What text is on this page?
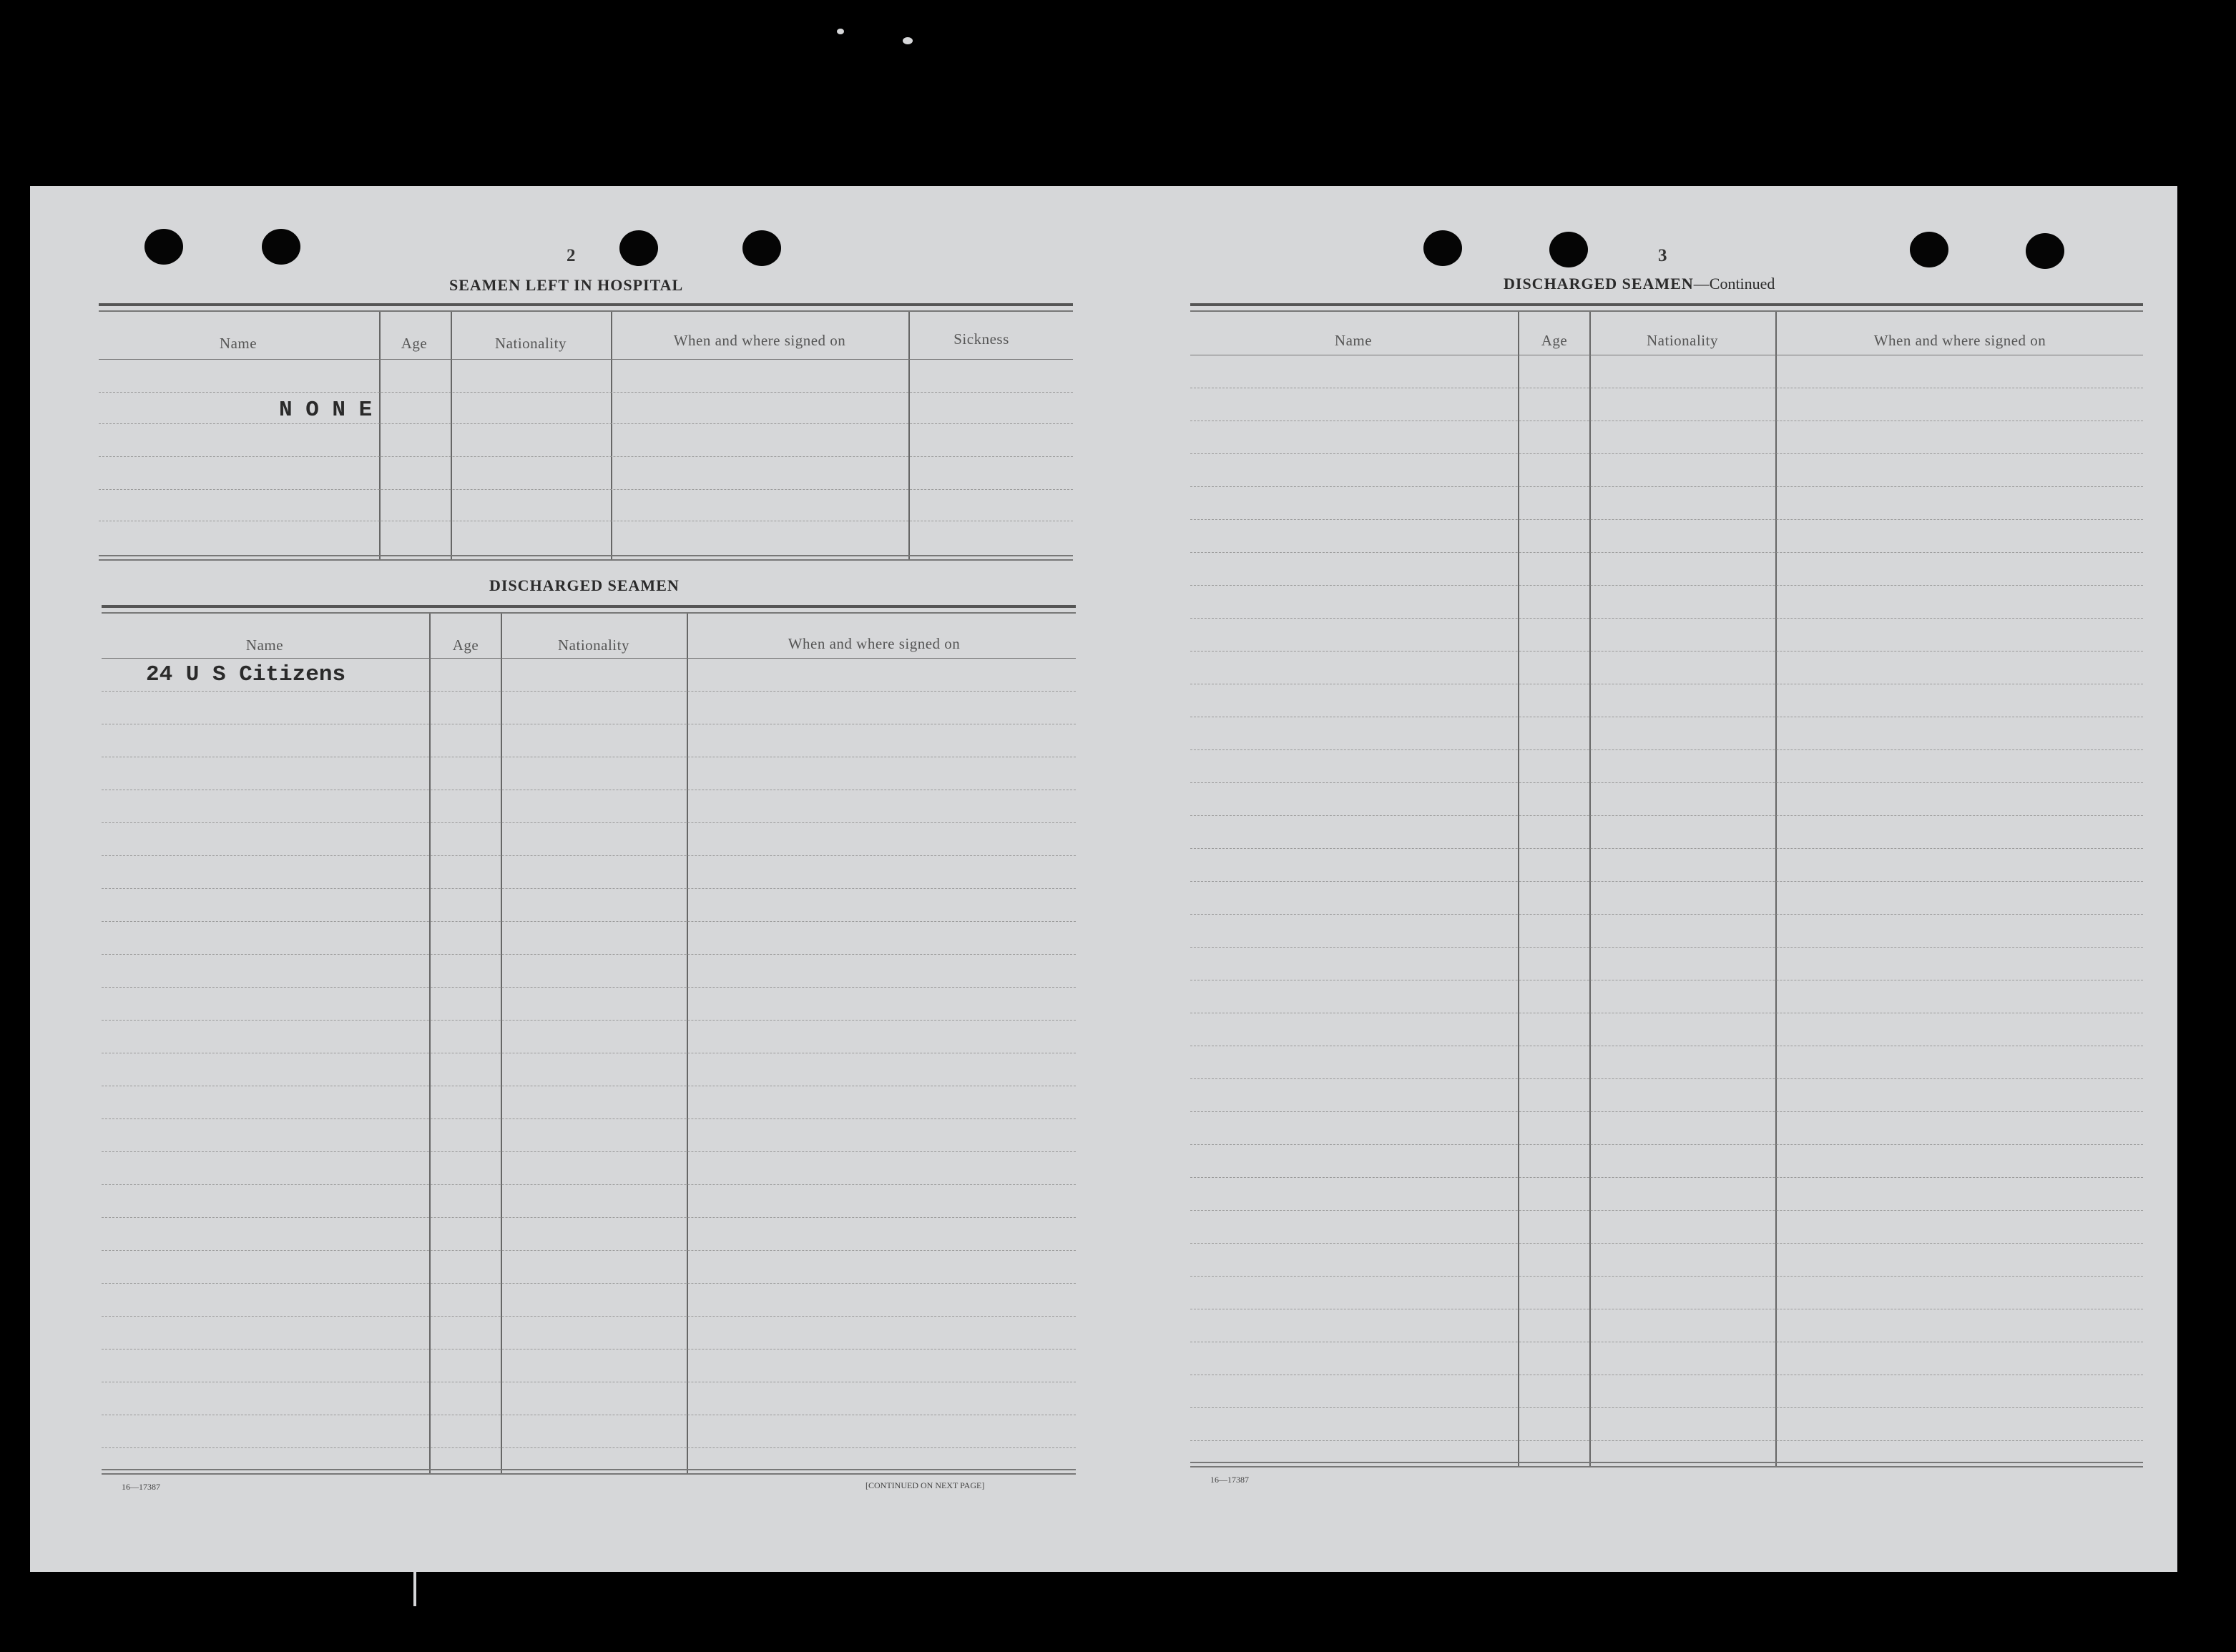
2
SEAMEN LEFT IN HOSPITAL
Name	Age	Nationality	When and where signed on	Sickness
N O N E
DISCHARGED SEAMEN
Name	Age	Nationality	When and where signed on
24 U S Citizens
16—17387	[CONTINUED ON NEXT PAGE]
3
DISCHARGED SEAMEN—Continued
Name	Age	Nationality	When and where signed on
16—17387
